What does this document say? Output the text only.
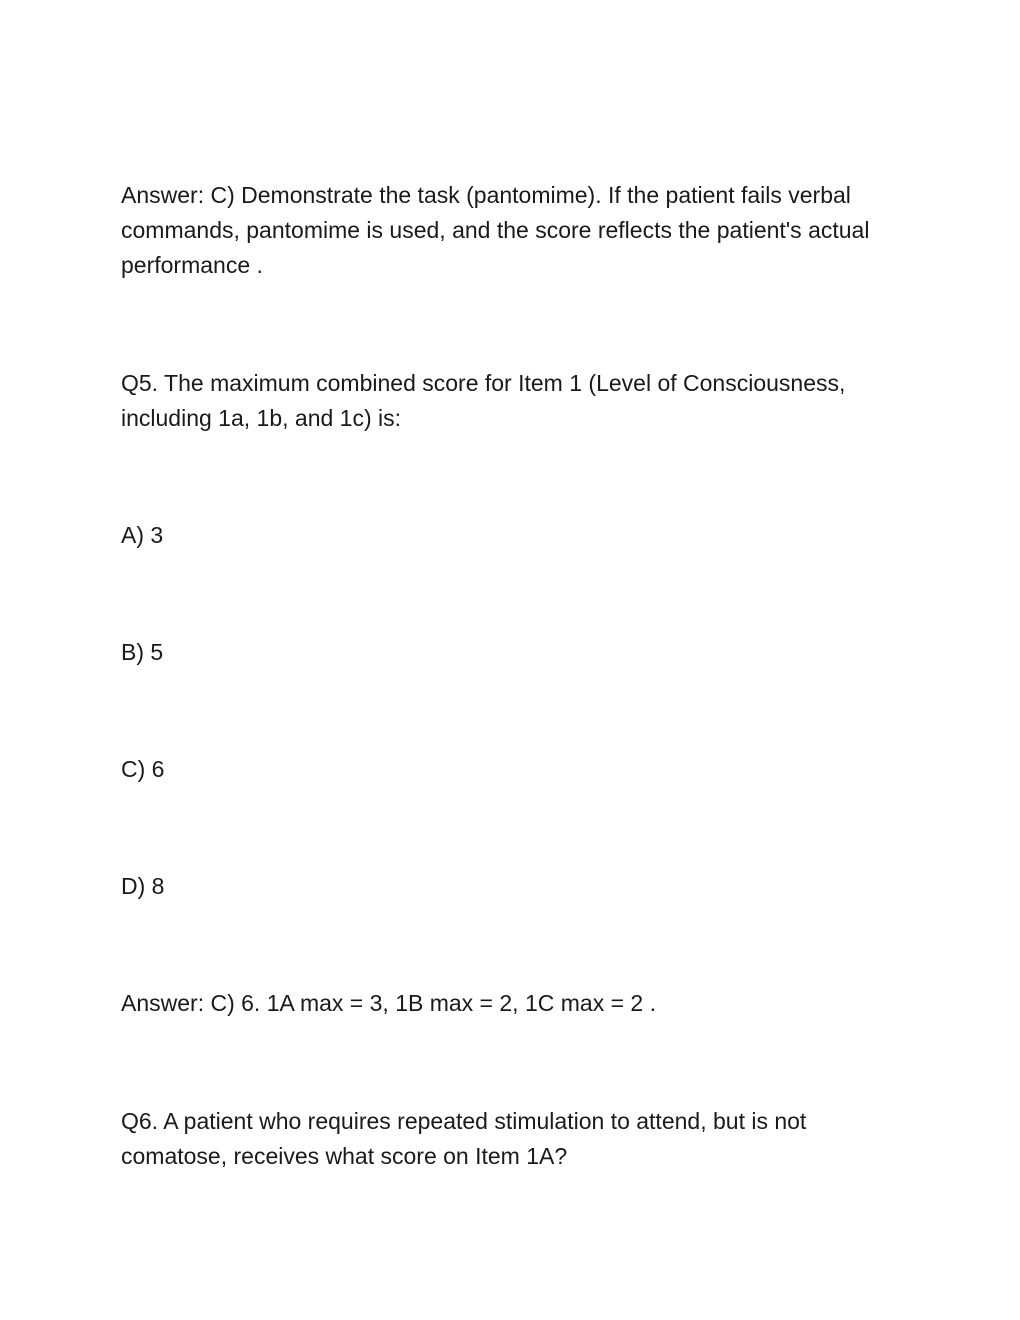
Answer: C) Demonstrate the task (pantomime). If the patient fails verbal commands, pantomime is used, and the score reflects the patient's actual performance .

Q5. The maximum combined score for Item 1 (Level of Consciousness, including 1a, 1b, and 1c) is:

A) 3

B) 5

C) 6

D) 8

Answer: C) 6. 1A max = 3, 1B max = 2, 1C max = 2 .

Q6. A patient who requires repeated stimulation to attend, but is not comatose, receives what score on Item 1A?
